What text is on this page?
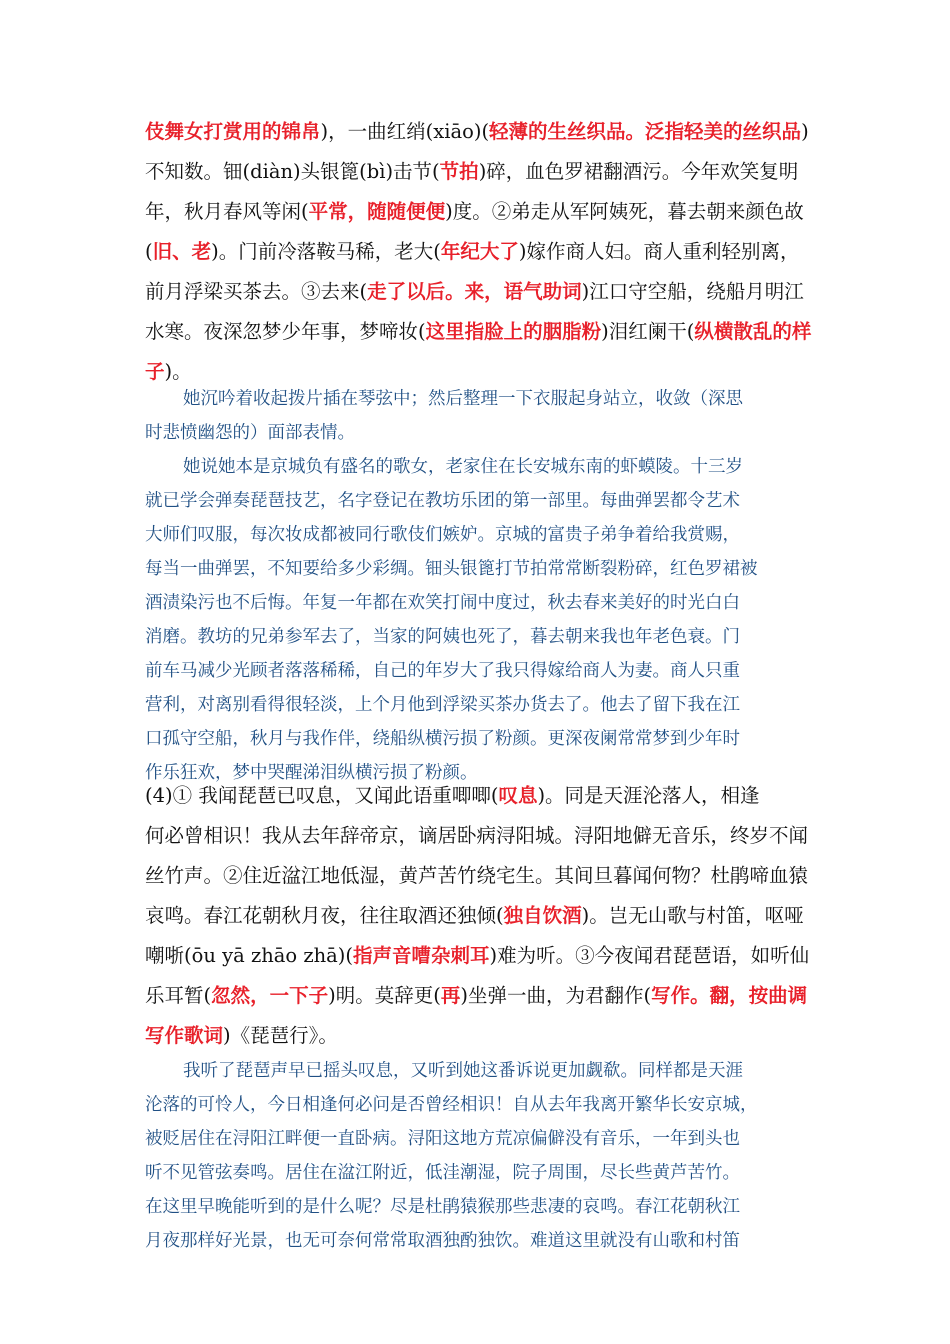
伎舞女打赏用的锦帛)，一曲红绡(xiāo)(轻薄的生丝织品。泛指轻美的丝织品)
不知数。钿(diàn)头银篦(bì)击节(节拍)碎，血色罗裙翻酒污。今年欢笑复明
年，秋月春风等闲(平常，随随便便)度。②弟走从军阿姨死，暮去朝来颜色故
(旧、老)。门前冷落鞍马稀，老大(年纪大了)嫁作商人妇。商人重利轻别离，
前月浮梁买茶去。③去来(走了以后。来，语气助词)江口守空船，绕船月明江
水寒。夜深忽梦少年事，梦啼妆(这里指脸上的胭脂粉)泪红阑干(纵横散乱的样
子)。
她沉吟着收起拨片插在琴弦中；然后整理一下衣服起身站立，收敛（深思
时悲愤幽怨的）面部表情。
她说她本是京城负有盛名的歌女，老家住在长安城东南的虾蟆陵。十三岁
就已学会弹奏琵琶技艺，名字登记在教坊乐团的第一部里。每曲弹罢都令艺术
大师们叹服，每次妆成都被同行歌伎们嫉妒。京城的富贵子弟争着给我赏赐，
每当一曲弹罢，不知要给多少彩绸。钿头银篦打节拍常常断裂粉碎，红色罗裙被
酒渍染污也不后悔。年复一年都在欢笑打闹中度过，秋去春来美好的时光白白
消磨。教坊的兄弟参军去了，当家的阿姨也死了，暮去朝来我也年老色衰。门
前车马减少光顾者落落稀稀，自己的年岁大了我只得嫁给商人为妻。商人只重
营利，对离别看得很轻淡，上个月他到浮梁买茶办货去了。他去了留下我在江
口孤守空船，秋月与我作伴，绕船纵横污损了粉颜。更深夜阑常常梦到少年时
作乐狂欢，梦中哭醒涕泪纵横污损了粉颜。
(4)① 我闻琵琶已叹息，又闻此语重唧唧(叹息)。同是天涯沦落人，相逢
何必曾相识！我从去年辞帝京，谪居卧病浔阳城。浔阳地僻无音乐，终岁不闻
丝竹声。②住近湓江地低湿，黄芦苦竹绕宅生。其间旦暮闻何物？杜鹃啼血猿
哀鸣。春江花朝秋月夜，往往取酒还独倾(独自饮酒)。岂无山歌与村笛，呕哑
嘲哳(ōu yā zhāo zhā)(指声音嘈杂刺耳)难为听。③今夜闻君琵琶语，如听仙
乐耳暂(忽然，一下子)明。莫辞更(再)坐弹一曲，为君翻作(写作。翻，按曲调
写作歌词)《琵琶行》。
我听了琵琶声早已摇头叹息，又听到她这番诉说更加觑欷。同样都是天涯
沦落的可怜人，今日相逢何必问是否曾经相识！自从去年我离开繁华长安京城，
被贬居住在浔阳江畔便一直卧病。浔阳这地方荒凉偏僻没有音乐，一年到头也
听不见管弦奏鸣。居住在湓江附近，低洼潮湿，院子周围，尽长些黄芦苦竹。
在这里早晚能听到的是什么呢？尽是杜鹃猿猴那些悲凄的哀鸣。春江花朝秋江
月夜那样好光景，也无可奈何常常取酒独酌独饮。难道这里就没有山歌和村笛
